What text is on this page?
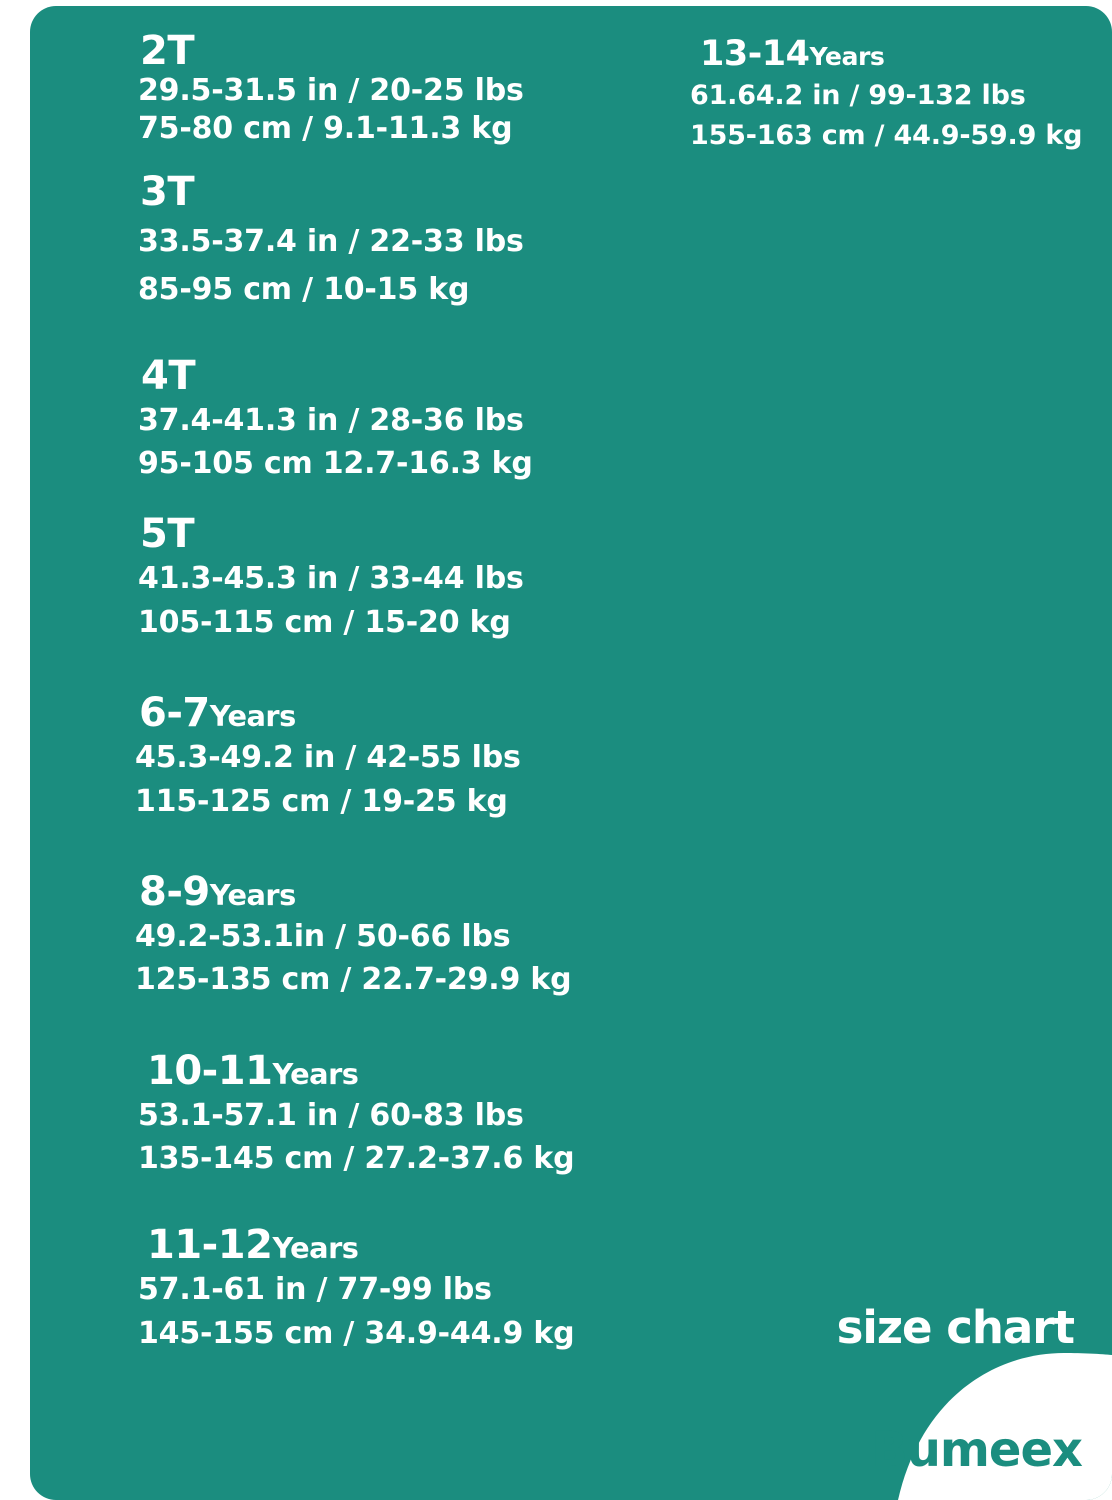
2T
29.5-31.5 in / 20-25 lbs
75-80 cm / 9.1-11.3 kg
3T
33.5-37.4 in / 22-33 lbs
85-95 cm / 10-15 kg
4T
37.4-41.3 in / 28-36 lbs
95-105 cm 12.7-16.3 kg
5T
41.3-45.3 in / 33-44 lbs
105-115 cm / 15-20 kg
6-7Years
45.3-49.2 in / 42-55 lbs
115-125 cm / 19-25 kg
8-9Years
49.2-53.1in / 50-66 lbs
125-135 cm / 22.7-29.9 kg
10-11Years
53.1-57.1 in / 60-83 lbs
135-145 cm / 27.2-37.6 kg
11-12Years
57.1-61 in / 77-99 lbs
145-155 cm / 34.9-44.9 kg
13-14Years
61.64.2 in / 99-132 lbs
155-163 cm / 44.9-59.9 kg
size chart
Bumeex
